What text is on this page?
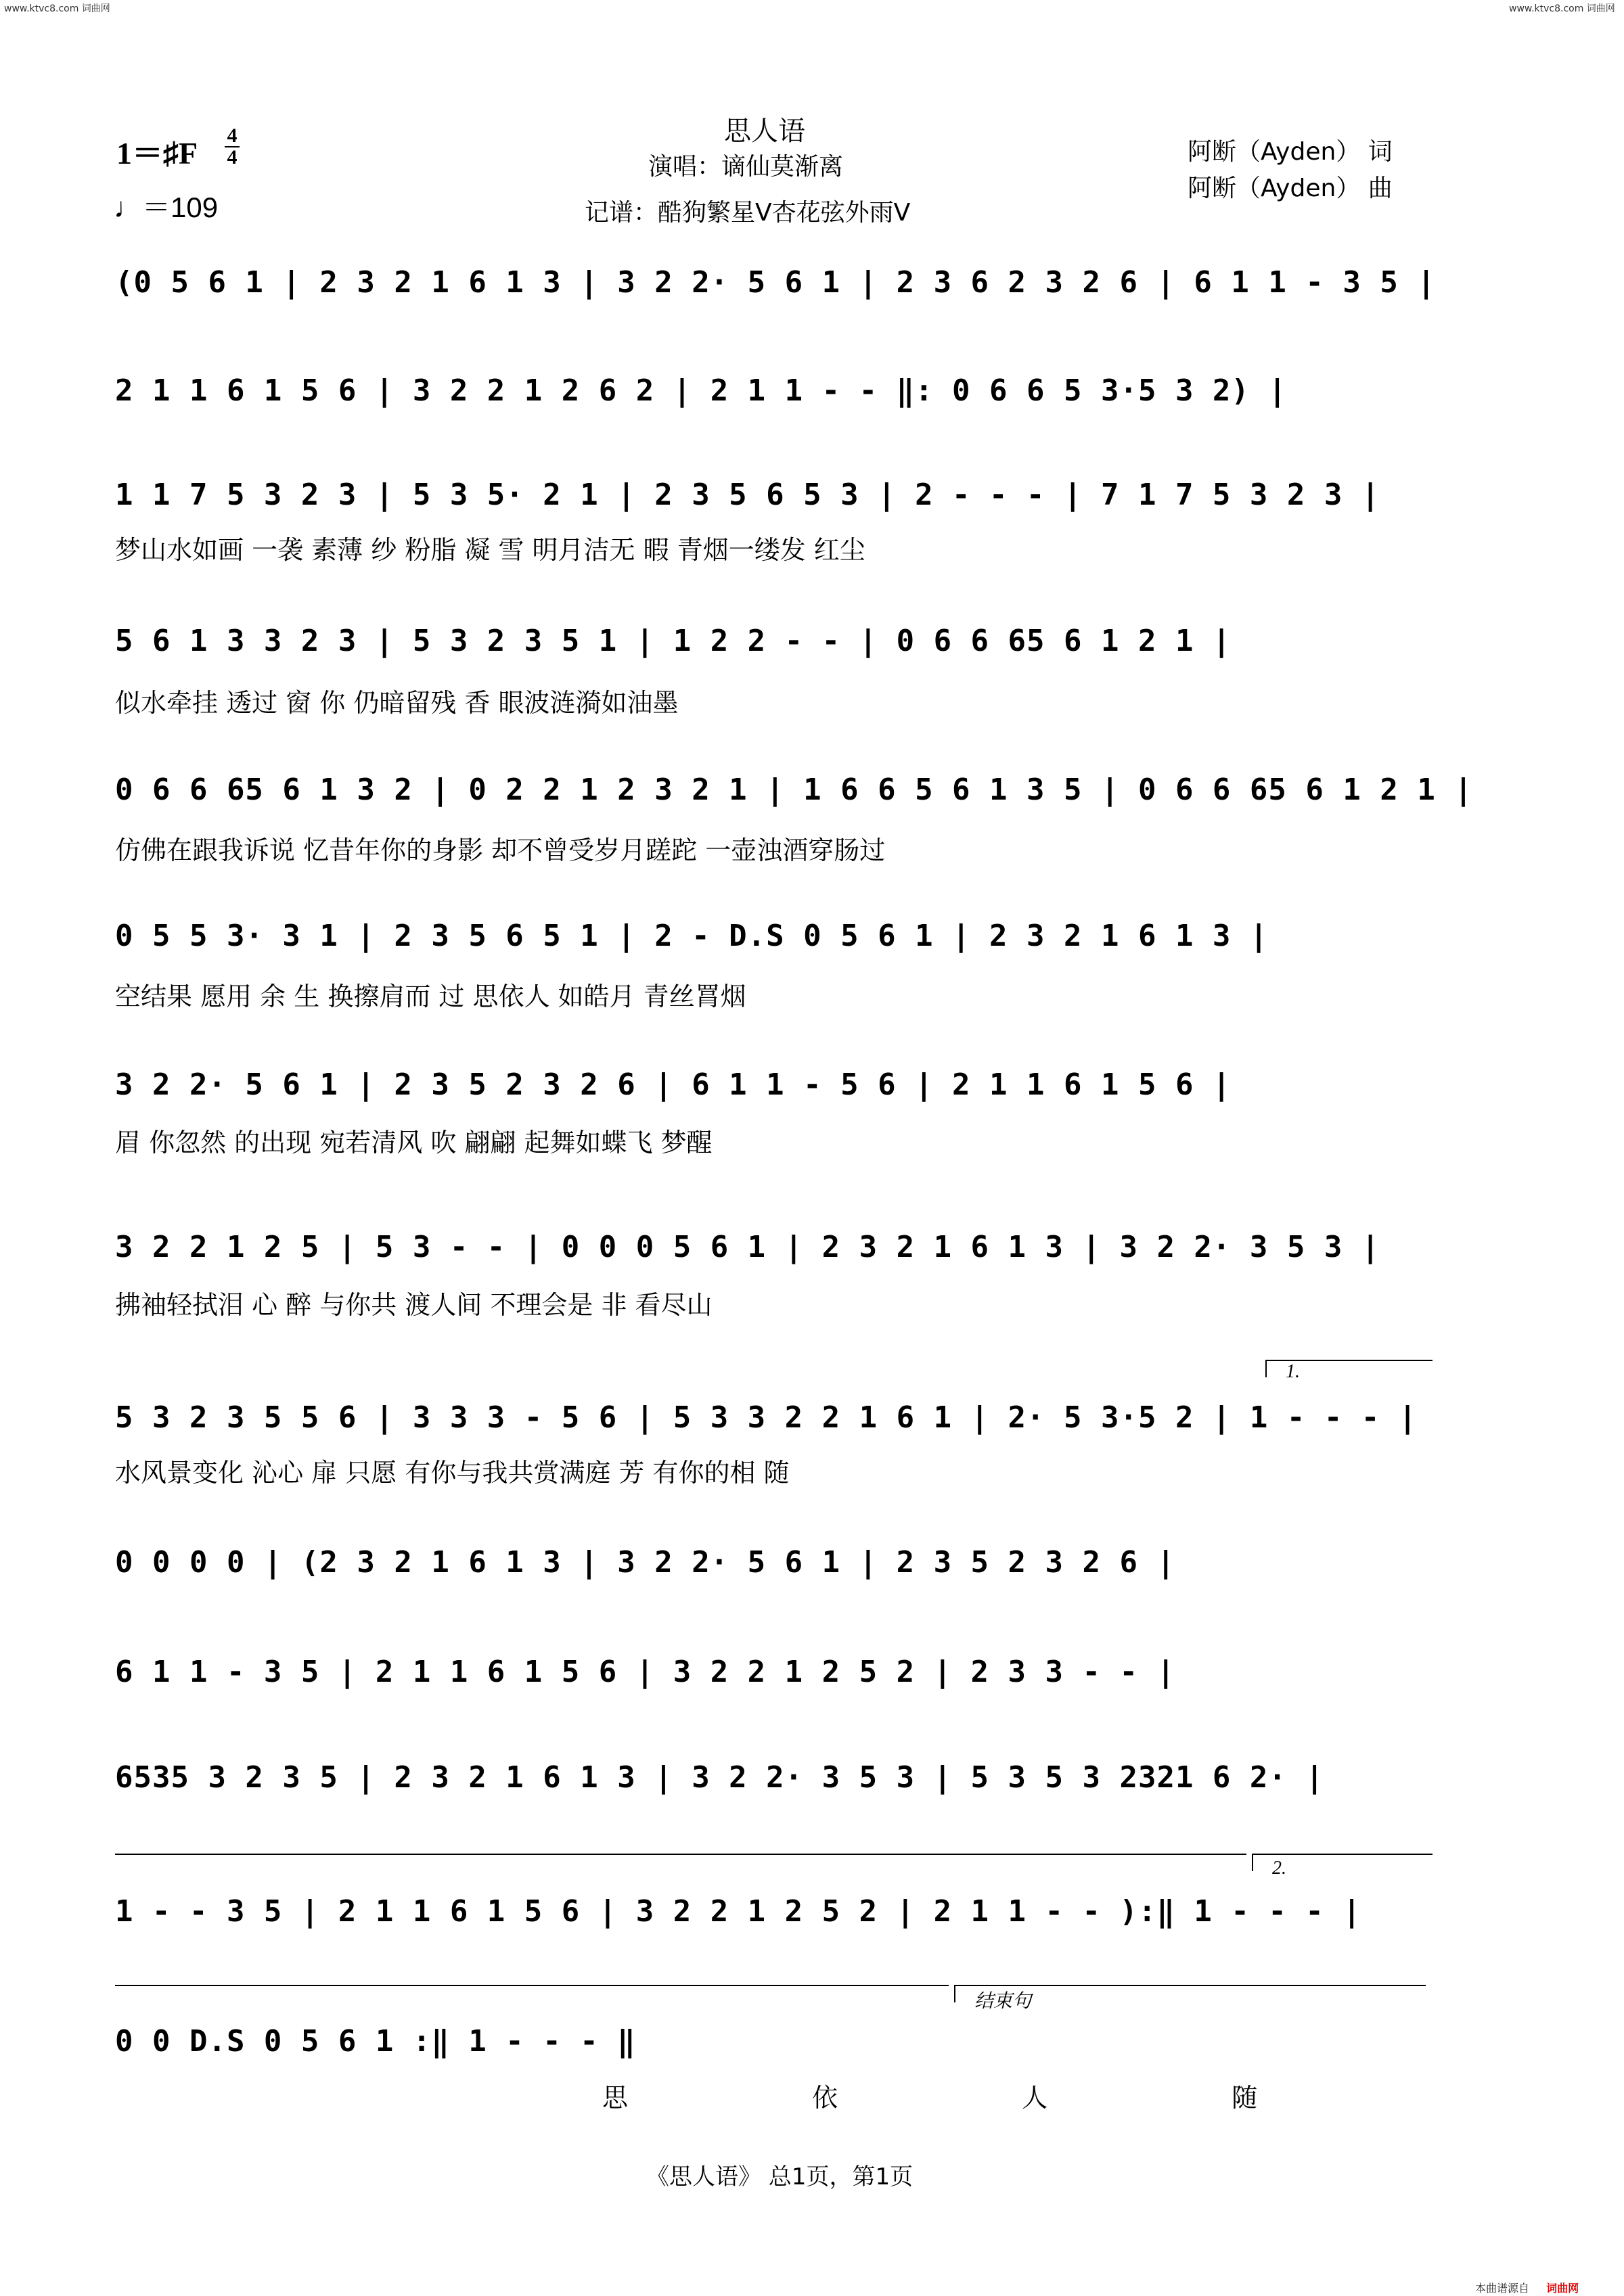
www.ktvc8.com 词曲网	www.ktvc8.com 词曲网
思人语
演唱：谪仙莫渐离
记谱：酷狗繁星V杏花弦外雨V
1＝♯F
4
4
♩＝109
阿断（Ayden） 词
阿断（Ayden） 曲
(0 5 6 1 | 2 3 2 1 6 1 3 | 3 2 2· 5 6 1 | 2 3 6 2 3 2 6 | 6 1 1 - 3 5 |
2 1 1 6 1 5 6 | 3 2 2 1 2 6 2 | 2 1 1 - - ‖: 0 6 6 5 3·5 3 2) |
1 1 7 5 3 2 3 | 5 3 5· 2 1 | 2 3 5 6 5 3 | 2 - - - | 7 1 7 5 3 2 3 |
梦山水如画 一袭 素薄 纱 粉脂 凝 雪 明月洁无 暇 青烟一缕发 红尘
5 6 1 3 3 2 3 | 5 3 2 3 5 1 | 1 2 2 - - | 0 6 6 65 6 1 2 1 |
似水牵挂 透过 窗 你 仍暗留残 香 眼波涟漪如油墨
0 6 6 65 6 1 3 2 | 0 2 2 1 2 3 2 1 | 1 6 6 5 6 1 3 5 | 0 6 6 65 6 1 2 1 |
仿佛在跟我诉说 忆昔年你的身影 却不曾受岁月蹉跎 一壶浊酒穿肠过
0 5 5 3· 3 1 | 2 3 5 6 5 1 | 2 - D.S 0 5 6 1 | 2 3 2 1 6 1 3 |
空结果 愿用 余 生 换擦肩而 过 思依人 如皓月 青丝罥烟
3 2 2· 5 6 1 | 2 3 5 2 3 2 6 | 6 1 1 - 5 6 | 2 1 1 6 1 5 6 |
眉 你忽然 的出现 宛若清风 吹 翩翩 起舞如蝶飞 梦醒
3 2 2 1 2 5 | 5 3 - - | 0 0 0 5 6 1 | 2 3 2 1 6 1 3 | 3 2 2· 3 5 3 |
拂袖轻拭泪 心 醉 与你共 渡人间 不理会是 非 看尽山
1.
5 3 2 3 5 5 6 | 3 3 3 - 5 6 | 5 3 3 2 2 1 6 1 | 2· 5 3·5 2 | 1 - - - |
水风景变化 沁心 扉 只愿 有你与我共赏满庭 芳 有你的相 随
0 0 0 0 | (2 3 2 1 6 1 3 | 3 2 2· 5 6 1 | 2 3 5 2 3 2 6 |
6 1 1 - 3 5 | 2 1 1 6 1 5 6 | 3 2 2 1 2 5 2 | 2 3 3 - - |
6535 3 2 3 5 | 2 3 2 1 6 1 3 | 3 2 2· 3 5 3 | 5 3 5 3 2321 6 2· |
2.
1 - - 3 5 | 2 1 1 6 1 5 6 | 3 2 2 1 2 5 2 | 2 1 1 - - ):‖ 1 - - - |
结束句
0 0 D.S 0 5 6 1 :‖ 1 - - - ‖
思 依 人 随
《思人语》 总1页，第1页
本曲谱源自 词曲网
